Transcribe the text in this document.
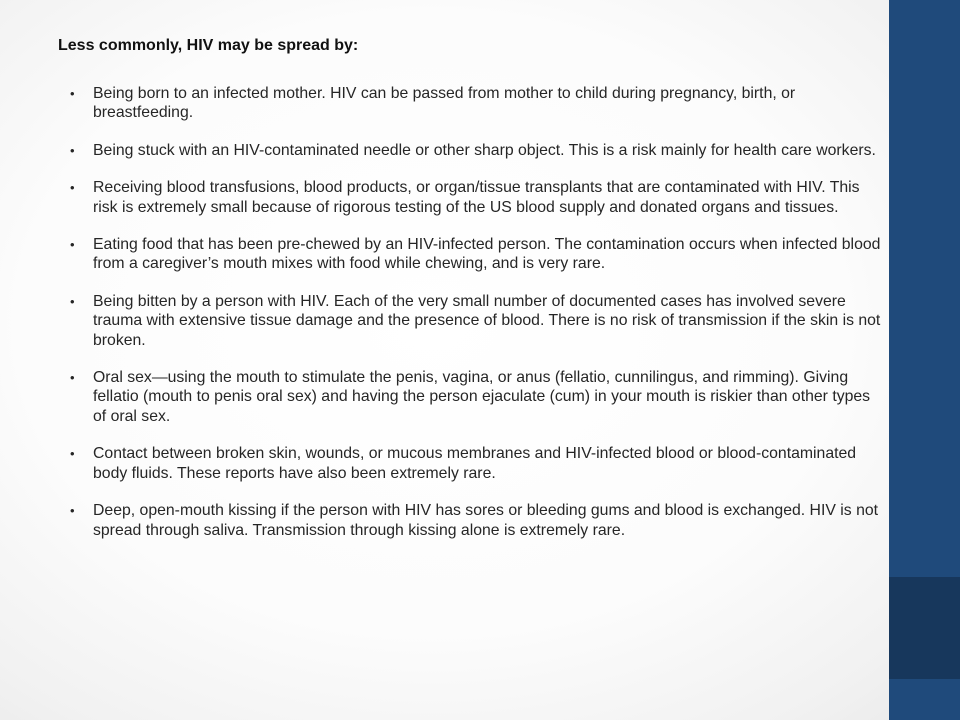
Less commonly, HIV may be spread by:
• Being born to an infected mother. HIV can be passed from mother to child during pregnancy, birth, or breastfeeding.
• Being stuck with an HIV-contaminated needle or other sharp object. This is a risk mainly for health care workers.
• Receiving blood transfusions, blood products, or organ/tissue transplants that are contaminated with HIV. This risk is extremely small because of rigorous testing of the US blood supply and donated organs and tissues.
• Eating food that has been pre-chewed by an HIV-infected person. The contamination occurs when infected blood from a caregiver’s mouth mixes with food while chewing, and is very rare.
• Being bitten by a person with HIV. Each of the very small number of documented cases has involved severe trauma with extensive tissue damage and the presence of blood. There is no risk of transmission if the skin is not broken.
• Oral sex—using the mouth to stimulate the penis, vagina, or anus (fellatio, cunnilingus, and rimming). Giving fellatio (mouth to penis oral sex) and having the person ejaculate (cum) in your mouth is riskier than other types of oral sex.
• Contact between broken skin, wounds, or mucous membranes and HIV-infected blood or blood-contaminated body fluids. These reports have also been extremely rare.
• Deep, open-mouth kissing if the person with HIV has sores or bleeding gums and blood is exchanged. HIV is not spread through saliva. Transmission through kissing alone is extremely rare.
